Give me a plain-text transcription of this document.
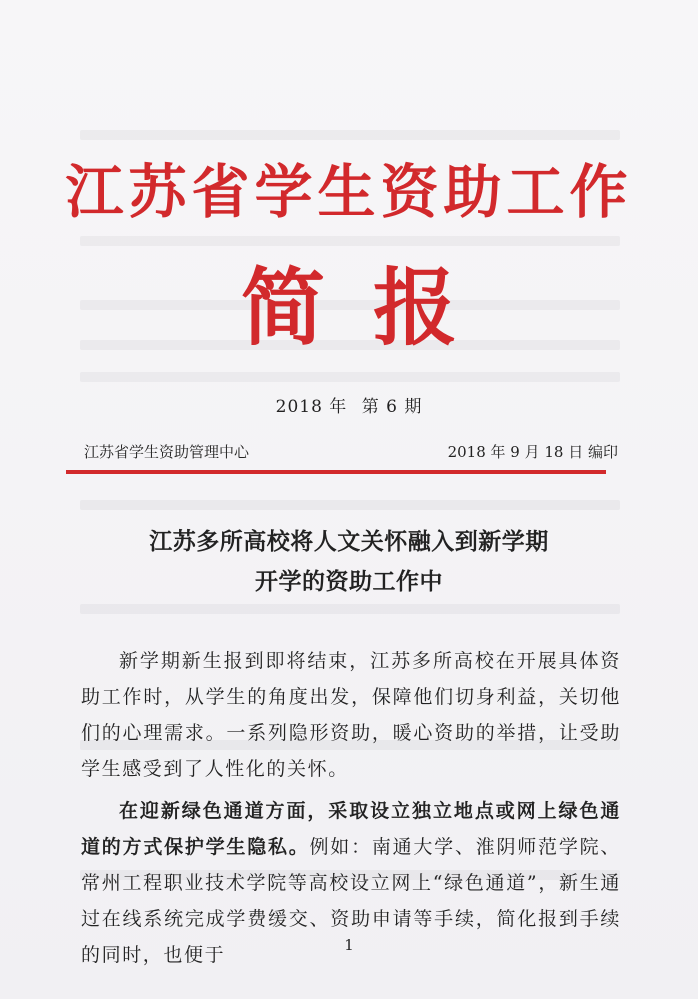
江苏省学生资助工作
简报
2018 年 第 6 期
江苏省学生资助管理中心	2018 年 9 月 18 日 编印
江苏多所高校将人文关怀融入到新学期
开学的资助工作中

新学期新生报到即将结束，江苏多所高校在开展具体资助工作时，从学生的角度出发，保障他们切身利益，关切他们的心理需求。一系列隐形资助，暖心资助的举措，让受助学生感受到了人性化的关怀。

在迎新绿色通道方面，采取设立独立地点或网上绿色通道的方式保护学生隐私。例如：南通大学、淮阴师范学院、常州工程职业技术学院等高校设立网上“绿色通道”，新生通过在线系统完成学费缓交、资助申请等手续，简化报到手续的同时，也便于	1
